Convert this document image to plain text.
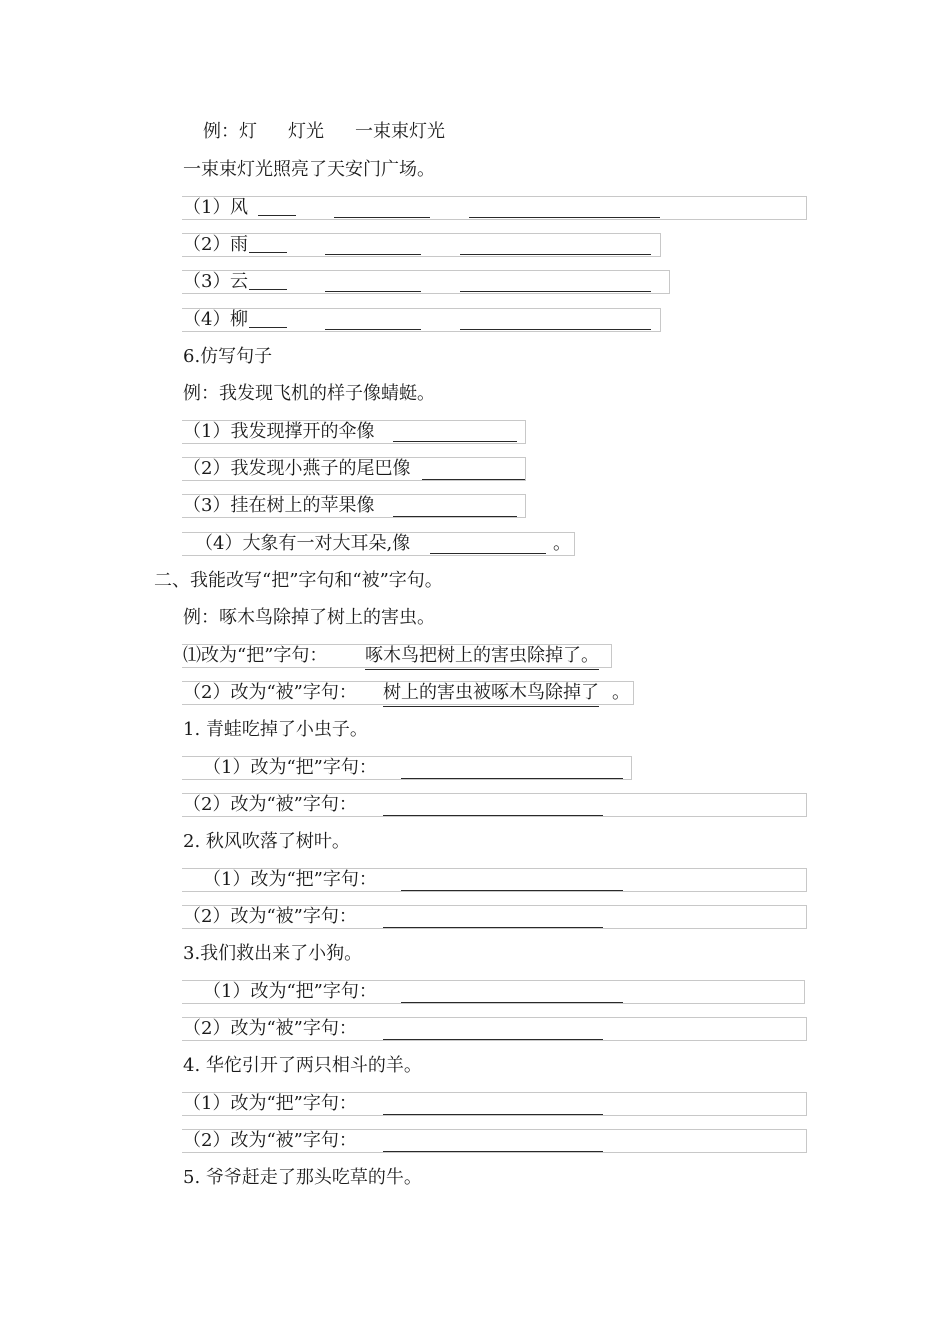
例：灯 灯光 一束束灯光
一束束灯光照亮了天安门广场。
（1） 风
（2） 雨
（3） 云
（4） 柳
6.仿写句子
例：我发现飞机的样子像蜻蜓。
（1）我发现撑开的伞像
（2）我发现小燕子的尾巴像
（3）挂在树上的苹果像
（4）大象有一对大耳朵,像	。
二、我能改写“把”字句和“被”字句。
例：啄木鸟除掉了树上的害虫。
⑴改为“把”字句： 啄木鸟把树上的害虫除掉了。
（2）改为“被”字句： 树上的害虫被啄木鸟除掉了 。
1. 青蛙吃掉了小虫子。
（1）改为“把”字句：
（2）改为“被”字句：
2. 秋风吹落了树叶。
（1）改为“把”字句：
（2）改为“被”字句：
3.我们救出来了小狗。
（1）改为“把”字句：
（2）改为“被”字句：
4. 华佗引开了两只相斗的羊。
（1）改为“把”字句：
（2）改为“被”字句：
5. 爷爷赶走了那头吃草的牛。
